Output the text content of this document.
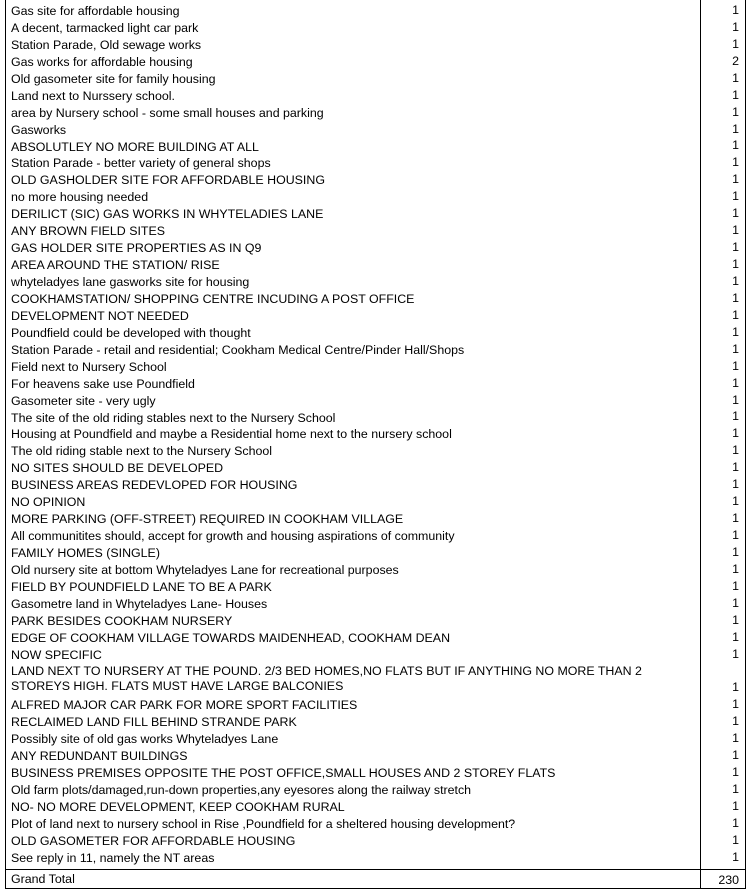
Gas site for affordable housing	1
A decent, tarmacked light car park	1
Station Parade, Old sewage works	1
Gas works for affordable housing	2
Old gasometer site for family housing	1
Land next to Nurssery school.	1
area by Nursery school - some small houses and parking	1
Gasworks	1
ABSOLUTLEY NO MORE BUILDING AT ALL	1
Station Parade - better variety of general shops	1
OLD GASHOLDER SITE FOR AFFORDABLE HOUSING	1
no more housing needed	1
DERILICT (SIC) GAS WORKS IN WHYTELADIES LANE	1
ANY BROWN FIELD SITES	1
GAS HOLDER SITE PROPERTIES AS IN Q9	1
AREA AROUND THE STATION/ RISE	1
whyteladyes lane gasworks site for housing	1
COOKHAMSTATION/ SHOPPING CENTRE INCUDING A POST OFFICE	1
DEVELOPMENT NOT NEEDED	1
Poundfield could be developed with thought	1
Station Parade - retail and residential; Cookham Medical Centre/Pinder Hall/Shops	1
Field next to Nursery School	1
For heavens sake use Poundfield	1
Gasometer site - very ugly	1
The site of the old riding stables next to the Nursery School	1
Housing at Poundfield and maybe a Residential home next to the nursery school	1
The old riding stable next to the Nursery School	1
NO SITES SHOULD BE DEVELOPED	1
BUSINESS AREAS REDEVLOPED FOR HOUSING	1
NO OPINION	1
MORE PARKING (OFF-STREET) REQUIRED IN COOKHAM VILLAGE	1
All communitites should, accept for growth and housing aspirations of community	1
FAMILY HOMES (SINGLE)	1
Old nursery site at bottom Whyteladyes Lane for recreational purposes	1
FIELD BY POUNDFIELD LANE TO BE A PARK	1
Gasometre land in Whyteladyes Lane- Houses	1
PARK BESIDES COOKHAM NURSERY	1
EDGE OF COOKHAM VILLAGE TOWARDS MAIDENHEAD, COOKHAM DEAN	1
NOW SPECIFIC	1
LAND NEXT TO NURSERY AT THE POUND. 2/3 BED HOMES,NO FLATS BUT IF ANYTHING NO MORE THAN 2 STOREYS HIGH. FLATS MUST HAVE LARGE BALCONIES	1
ALFRED MAJOR CAR PARK FOR MORE SPORT FACILITIES	1
RECLAIMED LAND FILL BEHIND STRANDE PARK	1
Possibly site of old gas works Whyteladyes Lane	1
ANY REDUNDANT BUILDINGS	1
BUSINESS PREMISES OPPOSITE THE POST OFFICE,SMALL HOUSES AND 2 STOREY FLATS	1
Old farm plots/damaged,run-down properties,any eyesores along the railway stretch	1
NO- NO MORE DEVELOPMENT, KEEP COOKHAM RURAL	1
Plot of land next to nursery school in Rise ,Poundfield for a sheltered housing development?	1
OLD GASOMETER FOR AFFORDABLE HOUSING	1
See reply in 11, namely the NT areas	1
Grand Total	230
